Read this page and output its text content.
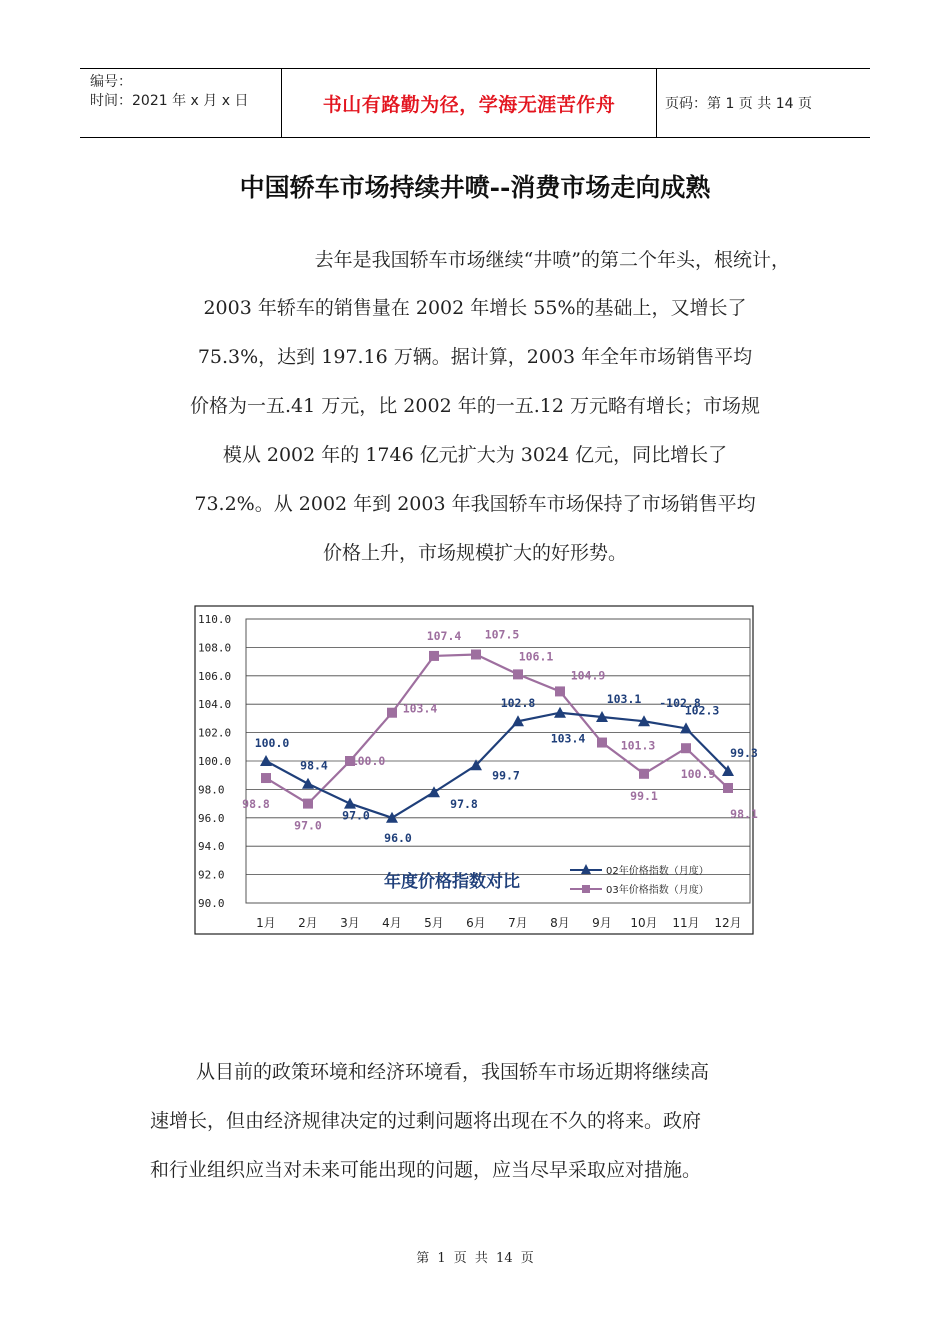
编号：
时间：2021 年 x 月 x 日	书山有路勤为径，学海无涯苦作舟	页码：第 1 页 共 14 页
中国轿车市场持续井喷--消费市场走向成熟
去年是我国轿车市场继续“井喷”的第二个年头，根统计，
2003 年轿车的销售量在 2002 年增长 55%的基础上，又增长了
75.3%，达到 197.16 万辆。据计算，2003 年全年市场销售平均
价格为一五.41 万元，比 2002 年的一五.12 万元略有增长；市场规
模从 2002 年的 1746 亿元扩大为 3024 亿元，同比增长了
73.2%。从 2002 年到 2003 年我国轿车市场保持了市场销售平均
价格上升，市场规模扩大的好形势。
90.0
92.0
94.0
96.0
98.0
100.0
102.0
104.0
106.0
108.0
110.0
1月 2月 3月 4月 5月 6月 7月 8月 9月 10月 11月 12月
100.0
98.4
97.0
96.0
97.8
99.7
102.8
103.4
103.1 -102.8
102.3
99.3
98.8
97.0
100.0
103.4
107.4 107.5
106.1
104.9
101.3
99.1
100.9
98.1
年度价格指数对比
02年价格指数（月度）
03年价格指数（月度）
从目前的政策环境和经济环境看，我国轿车市场近期将继续高
速增长，但由经济规律决定的过剩问题将出现在不久的将来。政府
和行业组织应当对未来可能出现的问题，应当尽早采取应对措施。
第 1 页 共 14 页
